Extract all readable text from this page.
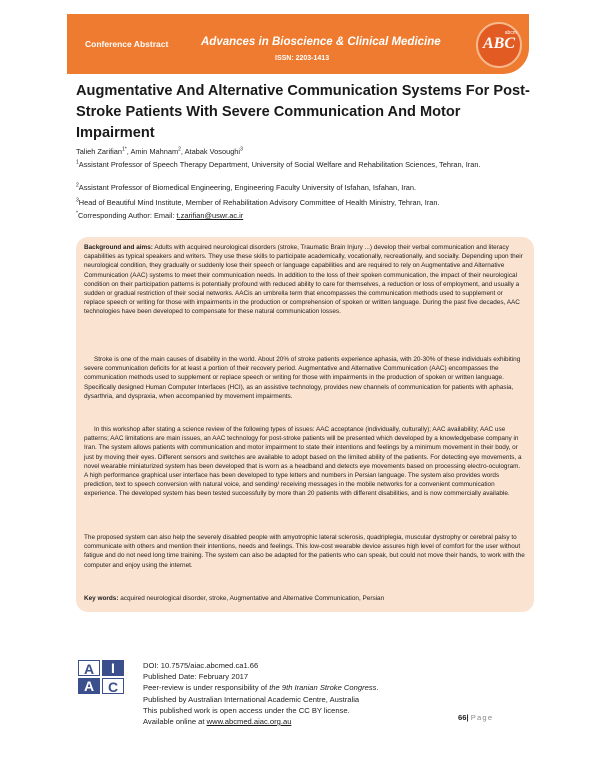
Conference Abstract	Advances in Bioscience & Clinical Medicine
ISSN: 2203-1413
abcm
ABC
Augmentative And Alternative Communication Systems For Post-Stroke Patients With Severe Communication And Motor Impairment
Talieh Zarifian$^{1*}$, Amin Mahnam$^2$, Atabak Vosoughi$^3$
$^1$Assistant Professor of Speech Therapy Department, University of Social Welfare and Rehabilitation Sciences, Tehran, Iran.
$^2$Assistant Professor of Biomedical Engineering, Engineering Faculty University of Isfahan, Isfahan, Iran.
$^3$Head of Beautiful Mind Institute, Member of Rehabilitation Advisory Committee of Health Ministry, Tehran, Iran.
*Corresponding Author: Email: t.zarifian@uswr.ac.ir

Background and aims: Adults with acquired neurological disorders (stroke, Traumatic Brain Injury ...) develop their verbal communication and literacy capabilities as typical speakers and writers. They use these skills to participate academically, vocationally, recreationally, and socially. Depending upon their neurological condition, they gradually or suddenly lose their speech or language capabilities and are required to rely on Augmentative and Alternative Communication (AAC) systems to meet their communication needs. In addition to the loss of their spoken communication, the impact of their neurological condition on their participation patterns is potentially profound with reduced ability to care for themselves, a reduction or loss of employment, and usually a sudden or gradual restriction of their social networks. AACis an umbrella term that encompasses the communication methods used to supplement or replace speech or writing for those with impairments in the production or comprehension of spoken or written language. During the past five decades, AAC technologies have been developed to compensate for these natural communication losses.

Stroke is one of the main causes of disability in the world. About 20% of stroke patients experience aphasia, with 20-30% of these individuals exhibiting severe communication deficits for at least a portion of their recovery period. Augmentative and Alternative Communication (AAC) encompasses the communication methods used to supplement or replace speech or writing for those with impairments in the production of spoken or written language. Specifically designed Human Computer Interfaces (HCI), as an assistive technology, provides new channels of communication for patients with aphasia, dysarthria, and dyspraxia, when accompanied by movement impairments.

In this workshop after stating a science review of the following types of issues: AAC acceptance (individually, culturally); AAC availability; AAC use patterns; AAC limitations are main issues, an AAC technology for post-stroke patients will be presented which developed by a knowledgebase company in Iran. The system allows patients with communication and motor impairment to state their intentions and feelings by a minimum movement in their body, or just by moving their eyes. Different sensors and switches are available to adopt based on the limited ability of the patients. For detecting eye movements, a novel wearable miniaturized system has been developed that is worn as a headband and detects eye movements based on processing electro-oculogram. A high performance graphical user interface has been developed to type letters and numbers in Persian language. The system also provides words prediction, text to speech conversion with natural voice, and sending/ receiving messages in the mobile networks for a convenient communication experience. The developed system has been tested successfully by more than 20 patients with different disabilities, and is now commercially available.

The proposed system can also help the severely disabled people with amyotrophic lateral sclerosis, quadriplegia, muscular dystrophy or cerebral palsy to communicate with others and mention their intentions, needs and feelings. This low-cost wearable device assures high level of comfort for the user without fatigue and do not need long time training. The system can also be adapted for the patients who can speak, but could not move their hands, to work with the computer and enjoy using the internet.

Key words: acquired neurological disorder, stroke, Augmentative and Alternative Communication, Persian
A	I
A C
DOI: 10.7575/aiac.abcmed.ca1.66
Published Date: February 2017
Peer-review is under responsibility of the 9th Iranian Stroke Congress.
Published by Australian International Academic Centre, Australia
This published work is open access under the CC BY license.
Available online at www.abcmed.aiac.org.au	66| Page
